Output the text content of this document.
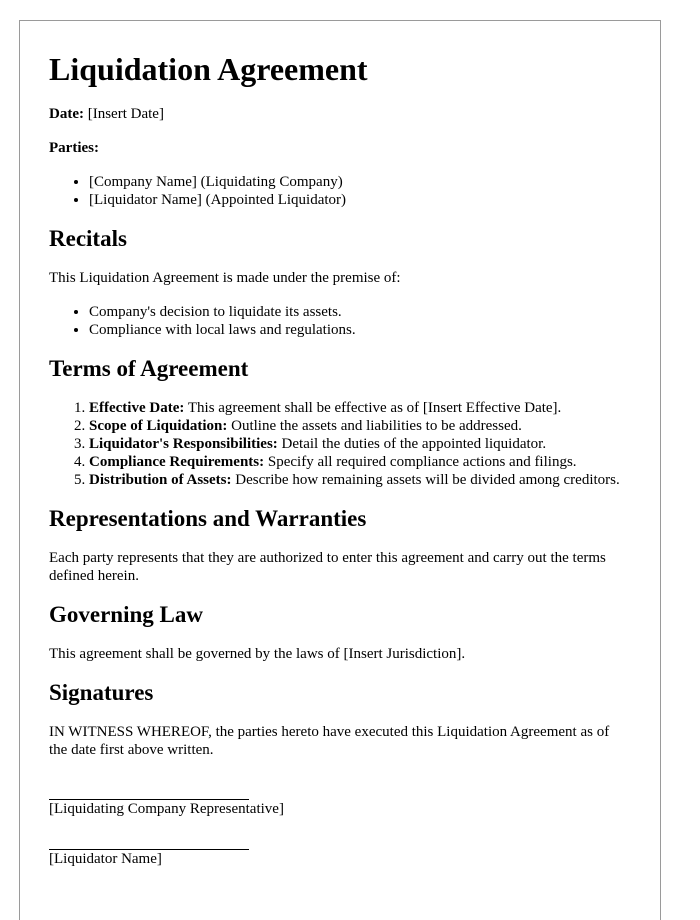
Liquidation Agreement

Date: [Insert Date]

Parties:

• [Company Name] (Liquidating Company)
• [Liquidator Name] (Appointed Liquidator)
Recitals

This Liquidation Agreement is made under the premise of:

• Company's decision to liquidate its assets.
• Compliance with local laws and regulations.
Terms of Agreement
1. Effective Date: This agreement shall be effective as of [Insert Effective Date].
2. Scope of Liquidation: Outline the assets and liabilities to be addressed.
3. Liquidator's Responsibilities: Detail the duties of the appointed liquidator.
4. Compliance Requirements: Specify all required compliance actions and filings.
5. Distribution of Assets: Describe how remaining assets will be divided among creditors.
Representations and Warranties

Each party represents that they are authorized to enter this agreement and carry out the terms defined herein.

Governing Law

This agreement shall be governed by the laws of [Insert Jurisdiction].

Signatures

IN WITNESS WHEREOF, the parties hereto have executed this Liquidation Agreement as of the date first above written.

[Liquidating Company Representative]
[Liquidator Name]
